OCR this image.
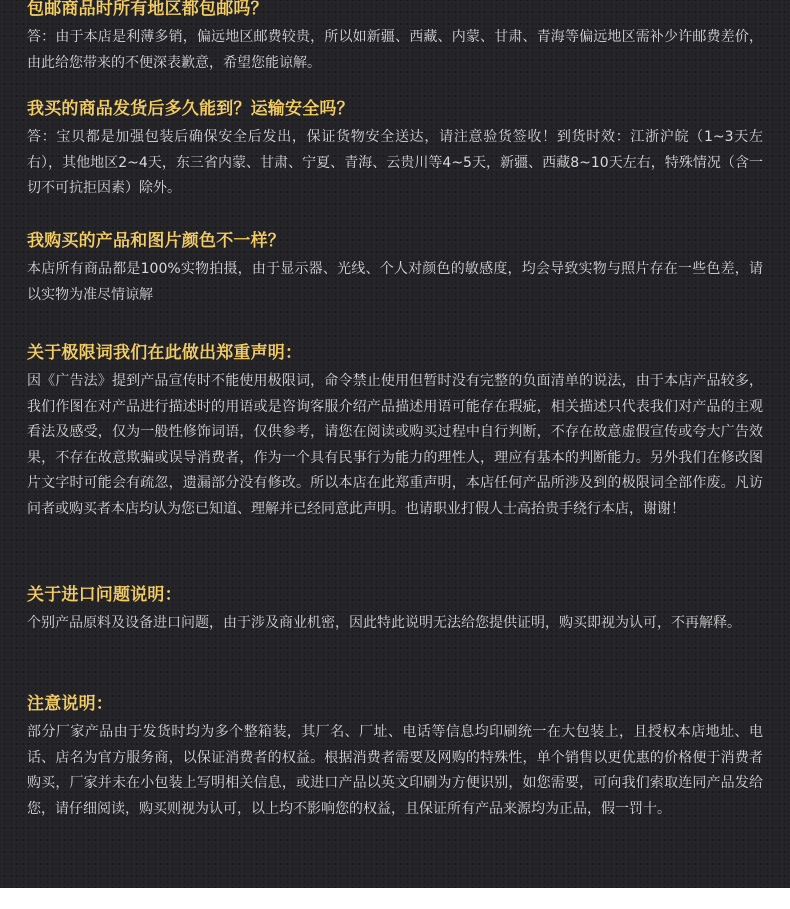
包邮商品时所有地区都包邮吗？

答：由于本店是利薄多销，偏远地区邮费较贵，所以如新疆、西藏、内蒙、甘肃、青海等偏远地区需补少许邮费差价，由此给您带来的不便深表歉意，希望您能谅解。

我买的商品发货后多久能到？运输安全吗？

答：宝贝都是加强包装后确保安全后发出，保证货物安全送达，请注意验货签收！到货时效：江浙沪皖（1~3天左右），其他地区2~4天，东三省内蒙、甘肃、宁夏、青海、云贵川等4~5天，新疆、西藏8~10天左右，特殊情况（含一切不可抗拒因素）除外。

我购买的产品和图片颜色不一样？

本店所有商品都是100%实物拍摄，由于显示器、光线、个人对颜色的敏感度，均会导致实物与照片存在一些色差，请以实物为准尽情谅解

关于极限词我们在此做出郑重声明：

因《广告法》提到产品宣传时不能使用极限词，命令禁止使用但暂时没有完整的负面清单的说法，由于本店产品较多，我们作图在对产品进行描述时的用语或是咨询客服介绍产品描述用语可能存在瑕疵，相关描述只代表我们对产品的主观看法及感受，仅为一般性修饰词语，仅供参考，请您在阅读或购买过程中自行判断，不存在故意虚假宣传或夸大广告效果，不存在故意欺骗或误导消费者，作为一个具有民事行为能力的理性人，理应有基本的判断能力。另外我们在修改图片文字时可能会有疏忽，遗漏部分没有修改。所以本店在此郑重声明，本店任何产品所涉及到的极限词全部作废。凡访问者或购买者本店均认为您已知道、理解并已经同意此声明。也请职业打假人士高抬贵手绕行本店，谢谢！

关于进口问题说明：

个别产品原料及设备进口问题，由于涉及商业机密，因此特此说明无法给您提供证明，购买即视为认可，不再解释。

注意说明：

部分厂家产品由于发货时均为多个整箱装，其厂名、厂址、电话等信息均印刷统一在大包装上，且授权本店地址、电话、店名为官方服务商，以保证消费者的权益。根据消费者需要及网购的特殊性，单个销售以更优惠的价格便于消费者购买，厂家并未在小包装上写明相关信息，或进口产品以英文印刷为方便识别，如您需要，可向我们索取连同产品发给您，请仔细阅读，购买则视为认可，以上均不影响您的权益，且保证所有产品来源均为正品，假一罚十。
